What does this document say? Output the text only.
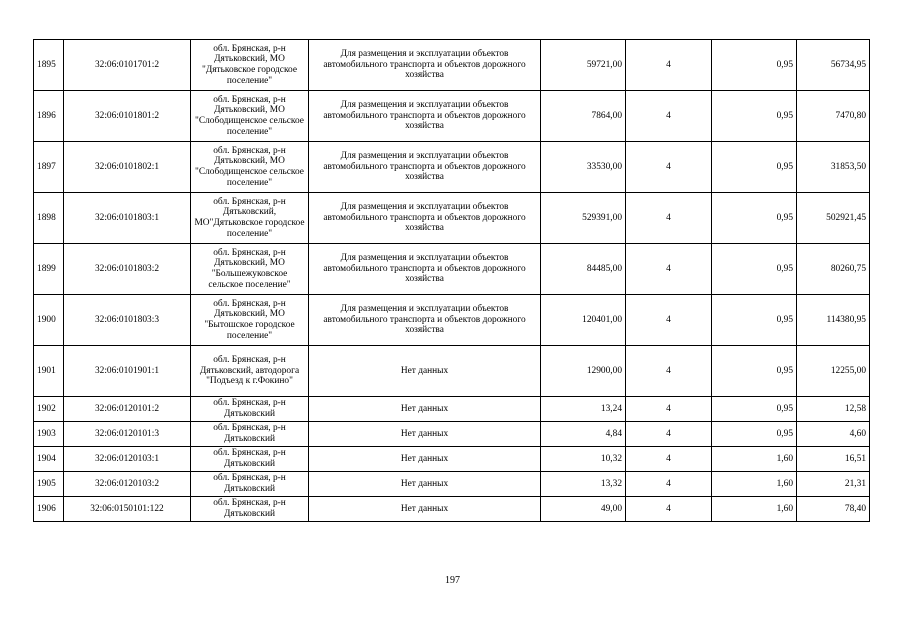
1895	32:06:0101701:2	обл. Брянская, р-н Дятьковский, МО "Дятьковское городское поселение"	Для размещения и эксплуатации объектов автомобильного транспорта и объектов дорожного хозяйства	59721,00	4	0,95	56734,95
1896	32:06:0101801:2	обл. Брянская, р-н Дятьковский, МО "Слободищенское сельское поселение"	Для размещения и эксплуатации объектов автомобильного транспорта и объектов дорожного хозяйства	7864,00	4	0,95	7470,80
1897	32:06:0101802:1	обл. Брянская, р-н Дятьковский, МО "Слободищенское сельское поселение"	Для размещения и эксплуатации объектов автомобильного транспорта и объектов дорожного хозяйства	33530,00	4	0,95	31853,50
1898	32:06:0101803:1	обл. Брянская, р-н Дятьковский, МО"Дятьковское городское поселение"	Для размещения и эксплуатации объектов автомобильного транспорта и объектов дорожного хозяйства	529391,00	4	0,95	502921,45
1899	32:06:0101803:2	обл. Брянская, р-н Дятьковский, МО "Большежуковское сельское поселение"	Для размещения и эксплуатации объектов автомобильного транспорта и объектов дорожного хозяйства	84485,00	4	0,95	80260,75
1900	32:06:0101803:3	обл. Брянская, р-н Дятьковский, МО "Бытошское городское поселение"	Для размещения и эксплуатации объектов автомобильного транспорта и объектов дорожного хозяйства	120401,00	4	0,95	114380,95
1901	32:06:0101901:1	обл. Брянская, р-н Дятьковский, автодорога "Подъезд к г.Фокино"	Нет данных	12900,00	4	0,95	12255,00
1902	32:06:0120101:2	обл. Брянская, р-н Дятьковский	Нет данных	13,24	4	0,95	12,58
1903	32:06:0120101:3	обл. Брянская, р-н Дятьковский	Нет данных	4,84	4	0,95	4,60
1904	32:06:0120103:1	обл. Брянская, р-н Дятьковский	Нет данных	10,32	4	1,60	16,51
1905	32:06:0120103:2	обл. Брянская, р-н Дятьковский	Нет данных	13,32	4	1,60	21,31
1906	32:06:0150101:122	обл. Брянская, р-н Дятьковский	Нет данных	49,00	4	1,60	78,40
197
